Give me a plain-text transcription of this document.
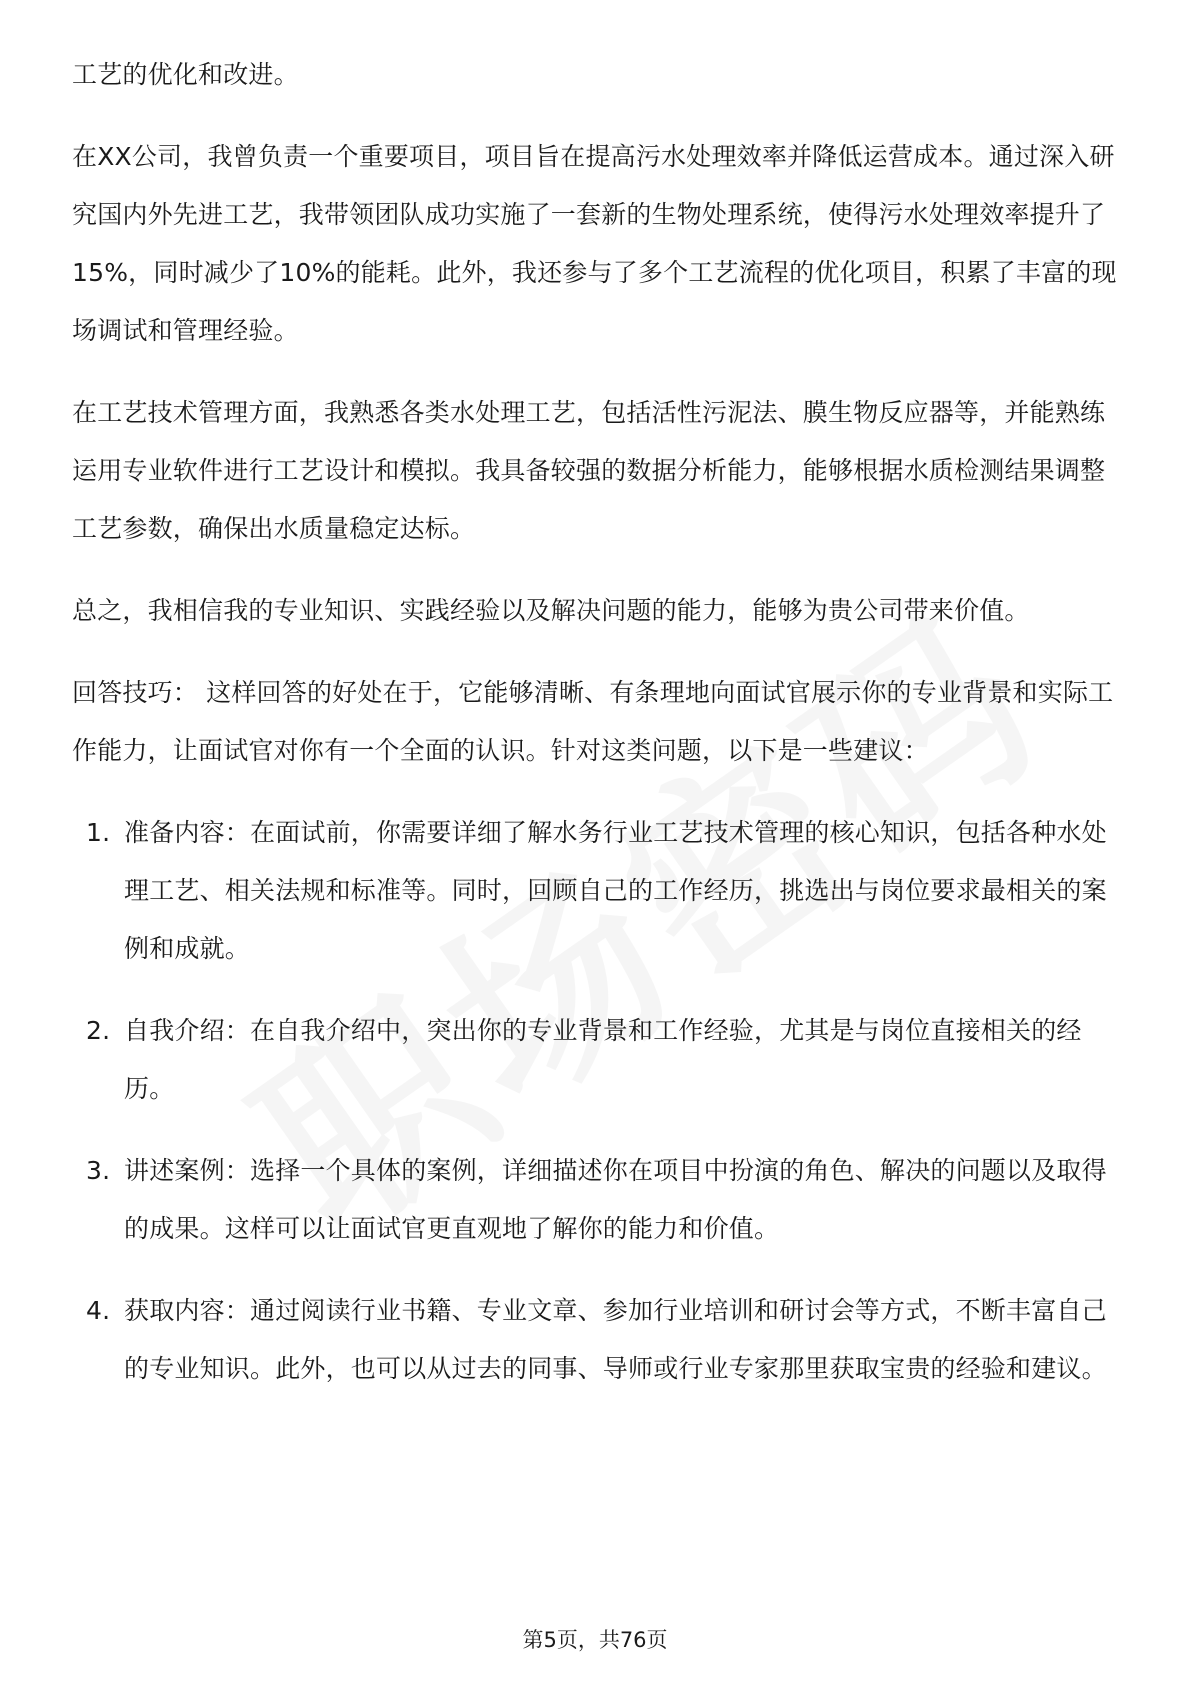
工艺的优化和改进。

在XX公司，我曾负责一个重要项目，项目旨在提高污水处理效率并降低运营成本。通过深入研究国内外先进工艺，我带领团队成功实施了一套新的生物处理系统，使得污水处理效率提升了15%，同时减少了10%的能耗。此外，我还参与了多个工艺流程的优化项目，积累了丰富的现场调试和管理经验。

在工艺技术管理方面，我熟悉各类水处理工艺，包括活性污泥法、膜生物反应器等，并能熟练运用专业软件进行工艺设计和模拟。我具备较强的数据分析能力，能够根据水质检测结果调整工艺参数，确保出水质量稳定达标。

总之，我相信我的专业知识、实践经验以及解决问题的能力，能够为贵公司带来价值。

回答技巧： 这样回答的好处在于，它能够清晰、有条理地向面试官展示你的专业背景和实际工作能力，让面试官对你有一个全面的认识。针对这类问题，以下是一些建议：

1. 准备内容：在面试前，你需要详细了解水务行业工艺技术管理的核心知识，包括各种水处理工艺、相关法规和标准等。同时，回顾自己的工作经历，挑选出与岗位要求最相关的案例和成就。
2. 自我介绍：在自我介绍中，突出你的专业背景和工作经验，尤其是与岗位直接相关的经历。
3. 讲述案例：选择一个具体的案例，详细描述你在项目中扮演的角色、解决的问题以及取得的成果。这样可以让面试官更直观地了解你的能力和价值。
4. 获取内容：通过阅读行业书籍、专业文章、参加行业培训和研讨会等方式，不断丰富自己的专业知识。此外，也可以从过去的同事、导师或行业专家那里获取宝贵的经验和建议。
第5页，共76页
